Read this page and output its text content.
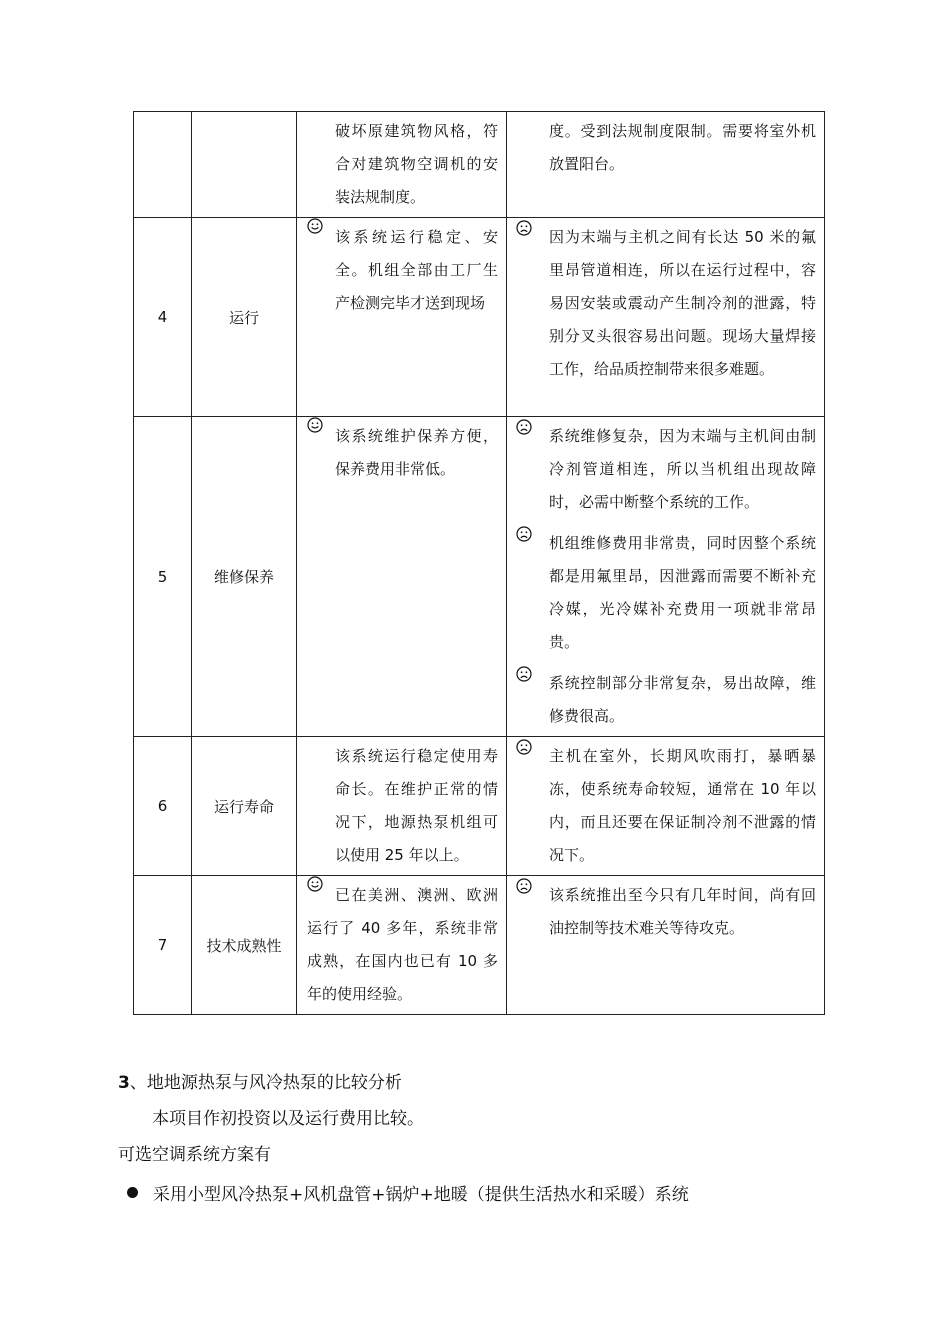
		破坏原建筑物风格，符合对建筑物空调机的安装法规制度。	度。受到法规制度限制。需要将室外机放置阳台。

4	运行	该系统运行稳定、安全。机组全部由工厂生产检测完毕才送到现场	因为末端与主机之间有长达 50 米的氟里昂管道相连，所以在运行过程中，容易因安装或震动产生制冷剂的泄露，特别分叉头很容易出问题。现场大量焊接工作，给品质控制带来很多难题。

5	维修保养	该系统维护保养方便，保养费用非常低。	系统维修复杂，因为末端与主机间由制冷剂管道相连，所以当机组出现故障时，必需中断整个系统的工作。
机组维修费用非常贵，同时因整个系统都是用氟里昂，因泄露而需要不断补充冷媒，光冷媒补充费用一项就非常昂贵。
系统控制部分非常复杂，易出故障，维修费很高。

6	运行寿命	该系统运行稳定使用寿命长。在维护正常的情况下，地源热泵机组可以使用 25 年以上。	主机在室外，长期风吹雨打，暴晒暴冻，使系统寿命较短，通常在 10 年以内，而且还要在保证制冷剂不泄露的情况下。

7	技术成熟性	已在美洲、澳洲、欧洲运行了 40 多年，系统非常成熟，在国内也已有 10 多年的使用经验。	该系统推出至今只有几年时间，尚有回油控制等技术难关等待攻克。
3、地地源热泵与风冷热泵的比较分析
本项目作初投资以及运行费用比较。
可选空调系统方案有
采用小型风冷热泵+风机盘管+锅炉+地暖（提供生活热水和采暖）系统
